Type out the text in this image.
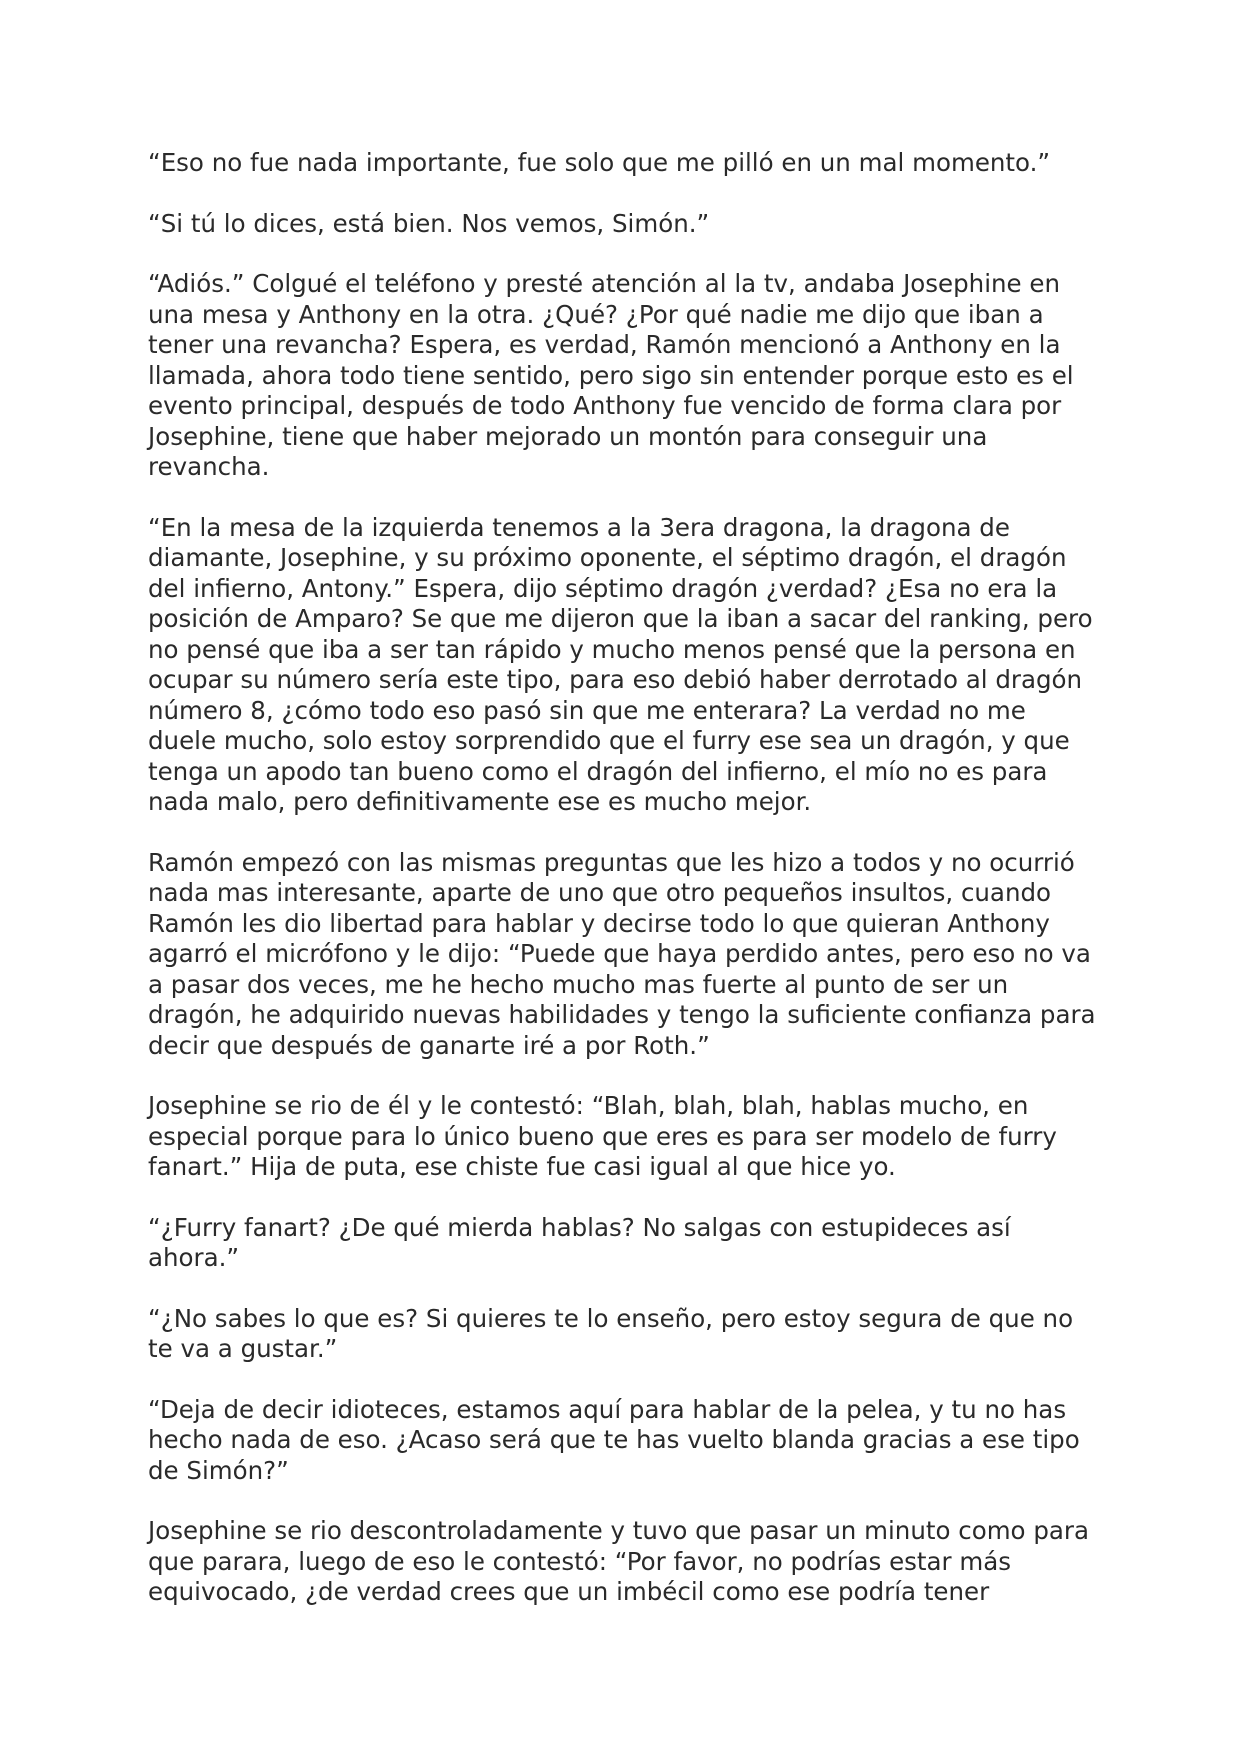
“Eso no fue nada importante, fue solo que me pilló en un mal momento.”

“Si tú lo dices, está bien. Nos vemos, Simón.”

“Adiós.” Colgué el teléfono y presté atención al la tv, andaba Josephine en una mesa y Anthony en la otra. ¿Qué? ¿Por qué nadie me dijo que iban a tener una revancha? Espera, es verdad, Ramón mencionó a Anthony en la llamada, ahora todo tiene sentido, pero sigo sin entender porque esto es el evento principal, después de todo Anthony fue vencido de forma clara por Josephine, tiene que haber mejorado un montón para conseguir una revancha.

“En la mesa de la izquierda tenemos a la 3era dragona, la dragona de diamante, Josephine, y su próximo oponente, el séptimo dragón, el dragón del infierno, Antony.” Espera, dijo séptimo dragón ¿verdad? ¿Esa no era la posición de Amparo? Se que me dijeron que la iban a sacar del ranking, pero no pensé que iba a ser tan rápido y mucho menos pensé que la persona en ocupar su número sería este tipo, para eso debió haber derrotado al dragón número 8, ¿cómo todo eso pasó sin que me enterara? La verdad no me duele mucho, solo estoy sorprendido que el furry ese sea un dragón, y que tenga un apodo tan bueno como el dragón del infierno, el mío no es para nada malo, pero definitivamente ese es mucho mejor.

Ramón empezó con las mismas preguntas que les hizo a todos y no ocurrió nada mas interesante, aparte de uno que otro pequeños insultos, cuando Ramón les dio libertad para hablar y decirse todo lo que quieran Anthony agarró el micrófono y le dijo: “Puede que haya perdido antes, pero eso no va a pasar dos veces, me he hecho mucho mas fuerte al punto de ser un dragón, he adquirido nuevas habilidades y tengo la suficiente confianza para decir que después de ganarte iré a por Roth.”

Josephine se rio de él y le contestó: “Blah, blah, blah, hablas mucho, en especial porque para lo único bueno que eres es para ser modelo de furry fanart.” Hija de puta, ese chiste fue casi igual al que hice yo.

“¿Furry fanart? ¿De qué mierda hablas? No salgas con estupideces así ahora.”

“¿No sabes lo que es? Si quieres te lo enseño, pero estoy segura de que no te va a gustar.”

“Deja de decir idioteces, estamos aquí para hablar de la pelea, y tu no has hecho nada de eso. ¿Acaso será que te has vuelto blanda gracias a ese tipo de Simón?”

Josephine se rio descontroladamente y tuvo que pasar un minuto como para que parara, luego de eso le contestó: “Por favor, no podrías estar más equivocado, ¿de verdad crees que un imbécil como ese podría tener
